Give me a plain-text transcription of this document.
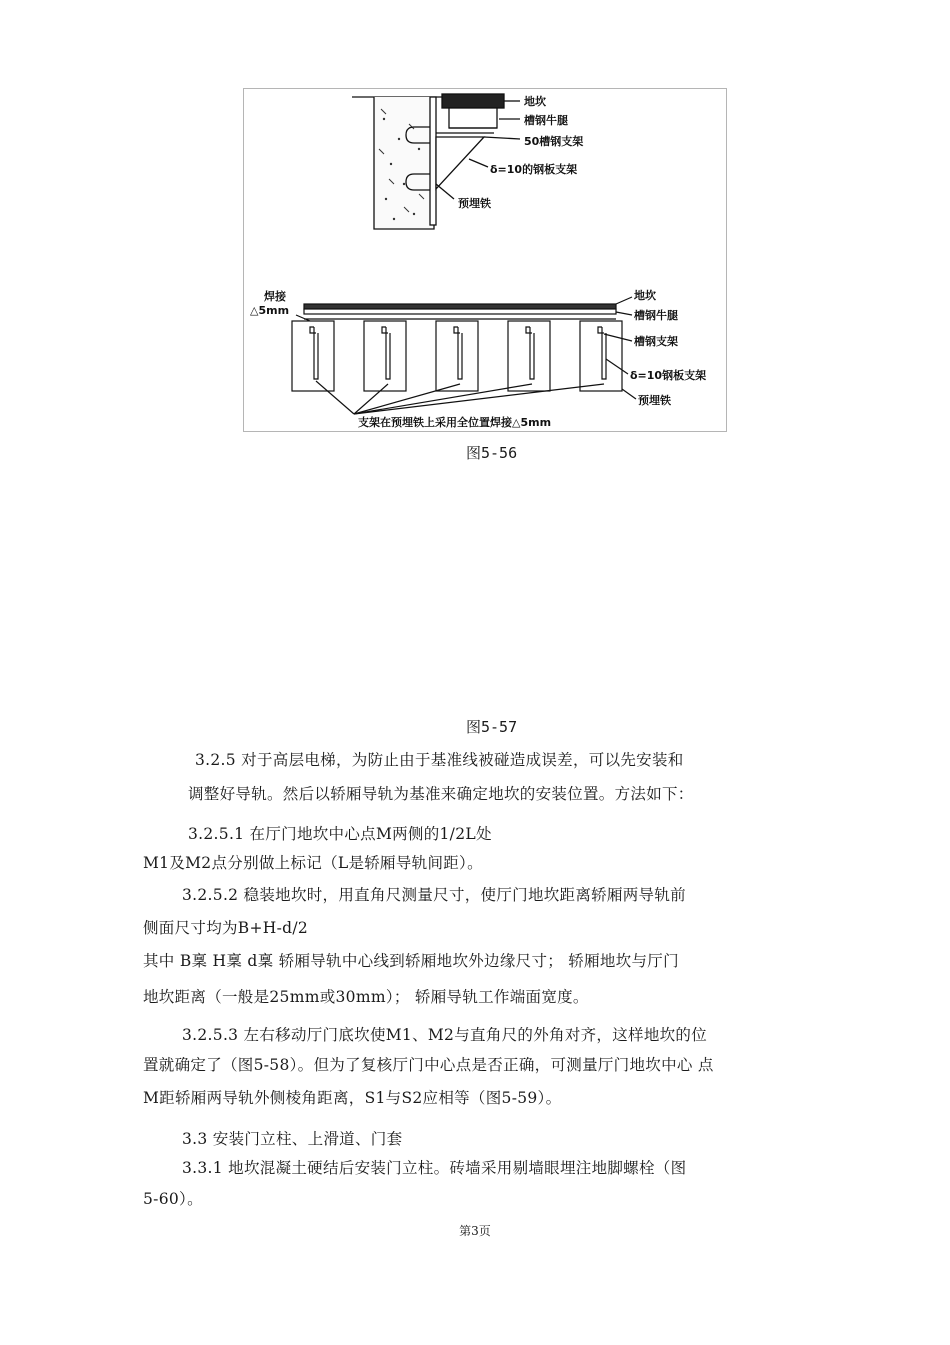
地坎
槽钢牛腿
50槽钢支架
δ=10的钢板支架
预埋铁
焊接
△5mm
地坎
槽钢牛腿
槽钢支架
δ=10钢板支架
预埋铁
支架在预埋铁上采用全位置焊接△5mm
图5-56
图5-57
3.2.5 对于高层电梯，为防止由于基准线被碰造成误差，可以先安装和
调整好导轨。然后以轿厢导轨为基准来确定地坎的安装位置。方法如下：
3.2.5.1 在厅门地坎中心点M两侧的1/2L处
M1及M2点分别做上标记（L是轿厢导轨间距）。
3.2.5.2 稳装地坎时，用直角尺测量尺寸，使厅门地坎距离轿厢两导轨前
侧面尺寸均为B+H-d/2
其中 B稟 H稟 d稟 轿厢导轨中心线到轿厢地坎外边缘尺寸； 轿厢地坎与厅门
地坎距离（一般是25mm或30mm）； 轿厢导轨工作端面宽度。
3.2.5.3 左右移动厅门底坎使M1、M2与直角尺的外角对齐，这样地坎的位
置就确定了（图5-58）。但为了复核厅门中心点是否正确，可测量厅门地坎中心 点
M距轿厢两导轨外侧棱角距离，S1与S2应相等（图5-59）。
3.3 安装门立柱、上滑道、门套
3.3.1 地坎混凝土硬结后安装门立柱。砖墙采用剔墙眼埋注地脚螺栓（图
5-60）。
第3页
